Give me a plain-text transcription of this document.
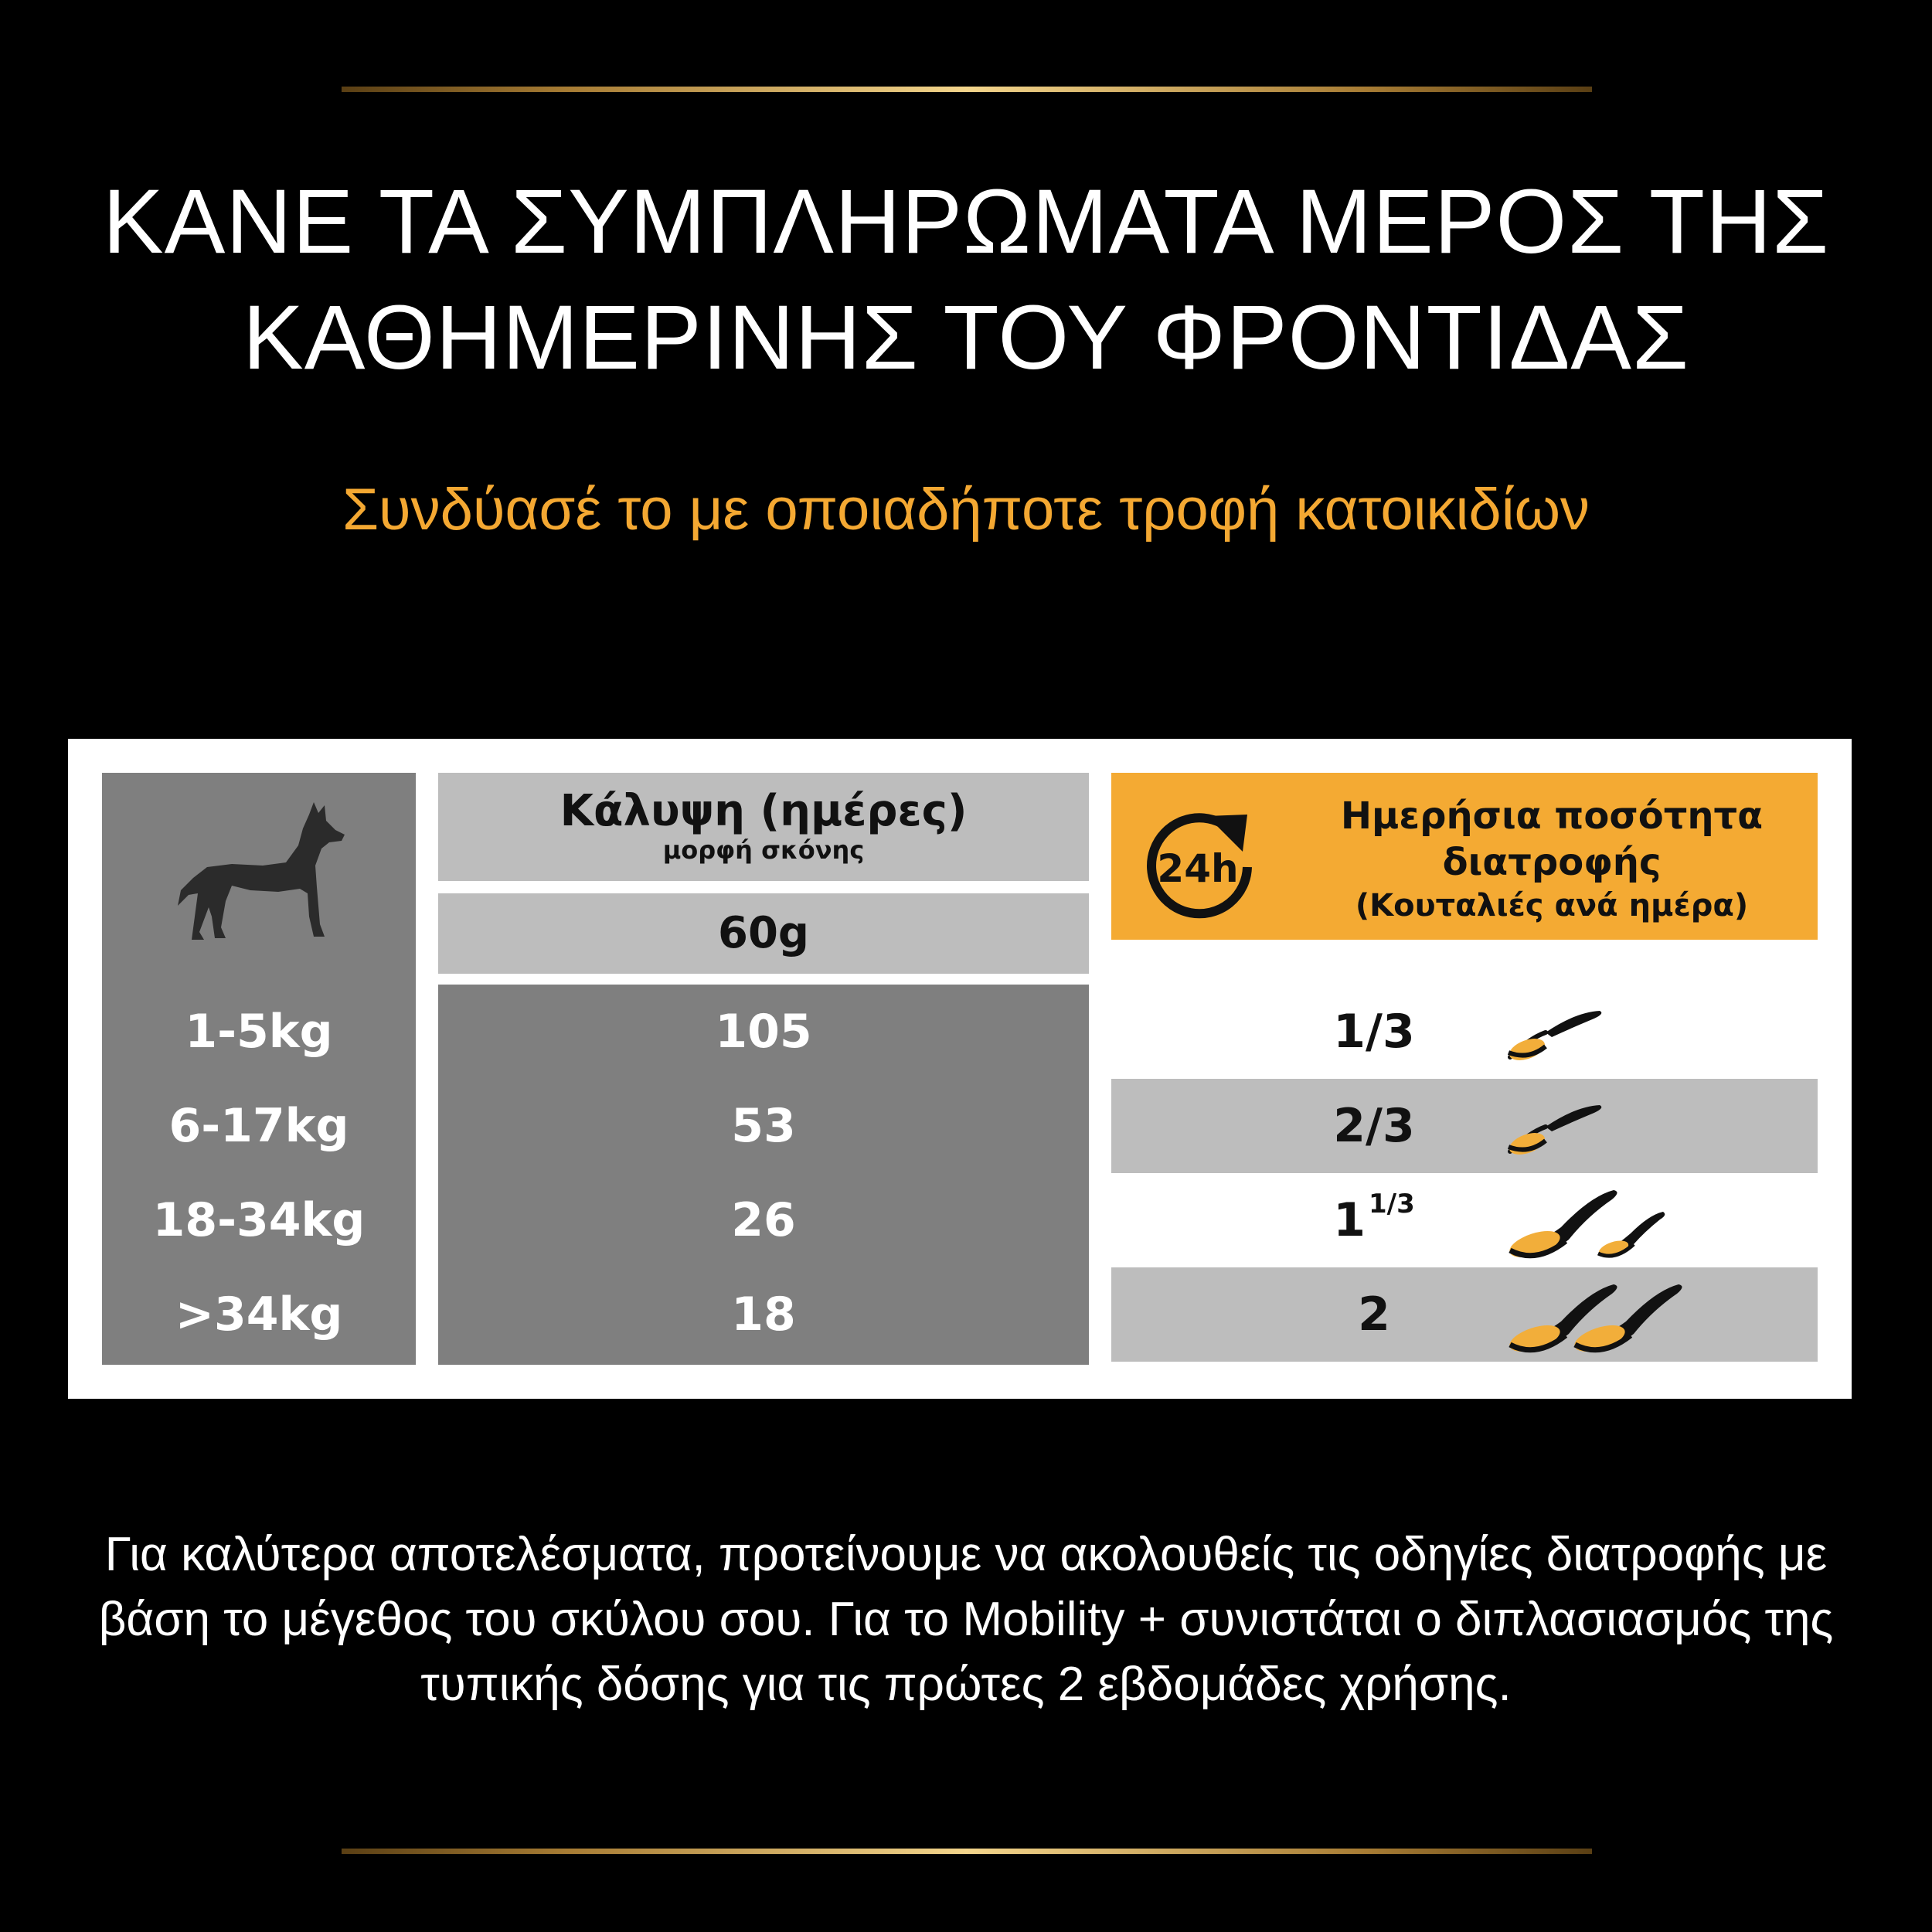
ΚΑΝΕ ΤΑ ΣΥΜΠΛΗΡΩΜΑΤΑ ΜΕΡΟΣ ΤΗΣ
ΚΑΘΗΜΕΡΙΝΗΣ ΤΟΥ ΦΡΟΝΤΙΔΑΣ
Συνδύασέ το με οποιαδήποτε τροφή κατοικιδίων
Κάλυψη (ημέρες)
μορφή σκόνης
60g
24h
Ημερήσια ποσότητα
διατροφής
(Κουταλιές ανά ημέρα)
1-5kg	105	1/3
6-17kg	53	2/3
18-34kg	26	1 $^{1/3}$
>34kg	18	2
Για καλύτερα αποτελέσματα, προτείνουμε να ακολουθείς τις οδηγίες διατροφής με βάση το μέγεθος του σκύλου σου. Για το Mobility + συνιστάται ο διπλασιασμός της τυπικής δόσης για τις πρώτες 2 εβδομάδες χρήσης.
